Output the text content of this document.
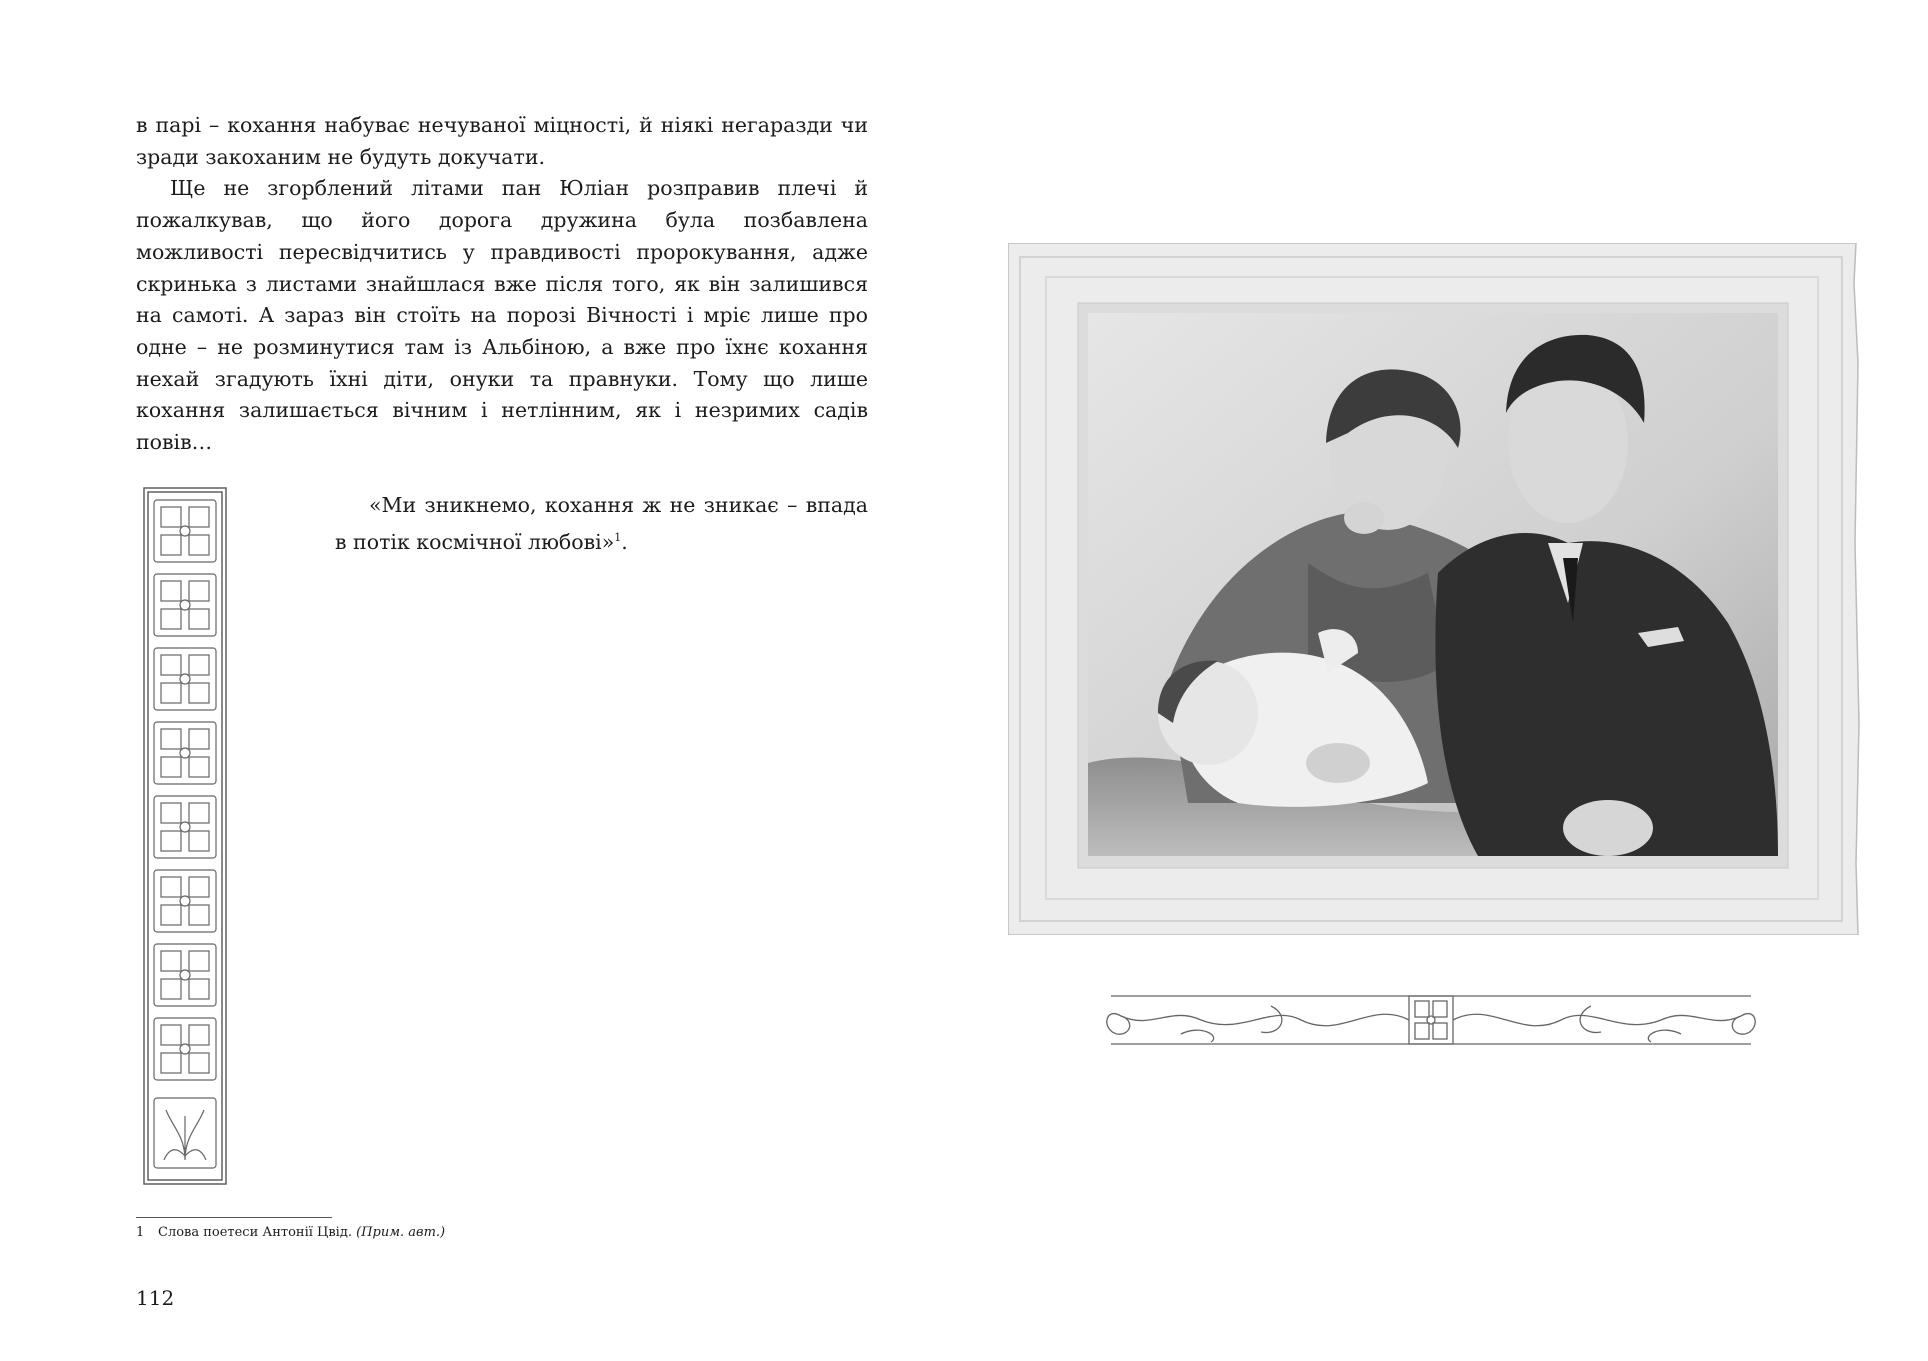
в парі – кохання набуває нечуваної міцності, й ніякі негаразди чи зради закоханим не будуть докучати.

Ще не згорблений літами пан Юліан розправив плечі й пожалкував, що його дорога дружина була позбавлена можливості пересвідчитись у правдивості пророкування, адже скринька з листами знайшлася вже після того, як він залишився на самоті. А зараз він стоїть на порозі Вічності і мріє лише про одне – не розминутися там із Альбіною, а вже про їхнє кохання нехай згадують їхні діти, онуки та правнуки. Тому що лише кохання залишається вічним і нетлінним, як і незримих садів повів…

«Ми зникнемо, кохання ж не зникає – впада в потік космічної любові»$^1$.

1 Слова поетеси Антонії Цвід. (Прим. авт.)
112
